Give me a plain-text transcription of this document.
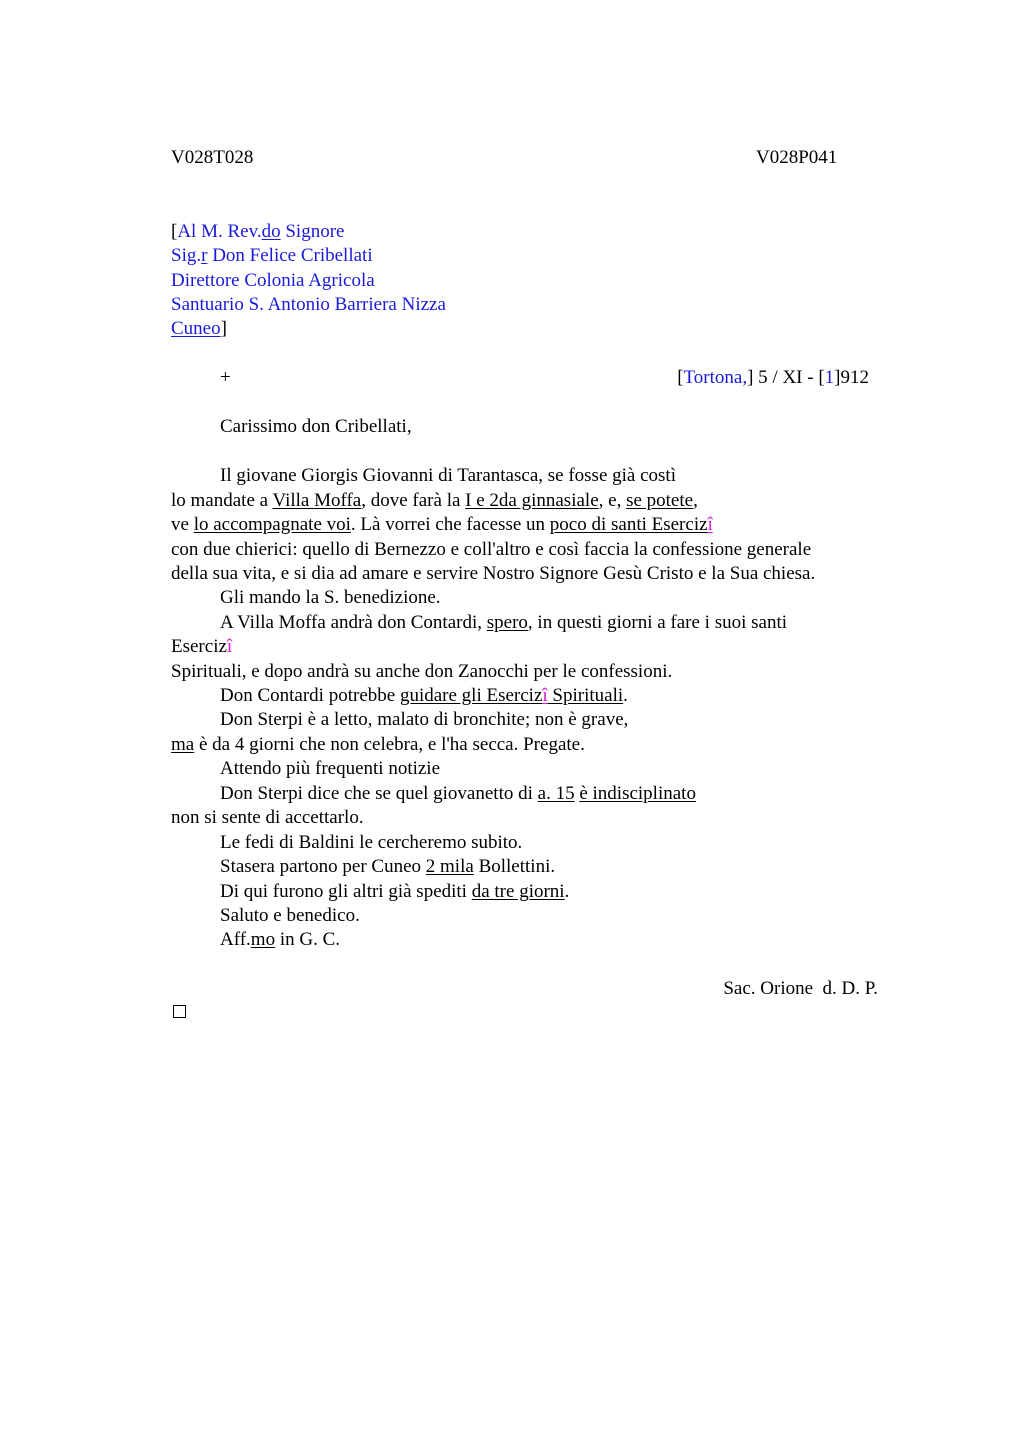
V028T028	V028P041
[Al M. Rev.do Signore
Sig.r Don Felice Cribellati
Direttore Colonia Agricola
Santuario S. Antonio Barriera Nizza
Cuneo]
+	[Tortona,] 5 / XI - [1]912
Carissimo don Cribellati,
Il giovane Giorgis Giovanni di Tarantasca, se fosse già costì
lo mandate a Villa Moffa, dove farà la I e 2da ginnasiale, e, se potete,
ve lo accompagnate voi. Là vorrei che facesse un poco di santi Esercizî
con due chierici: quello di Bernezzo e coll'altro e così faccia la confessione generale
della sua vita, e si dia ad amare e servire Nostro Signore Gesù Cristo e la Sua chiesa.
Gli mando la S. benedizione.
A Villa Moffa andrà don Contardi, spero, in questi giorni a fare i suoi santi
Esercizî
Spirituali, e dopo andrà su anche don Zanocchi per le confessioni.
Don Contardi potrebbe guidare gli Esercizî Spirituali.
Don Sterpi è a letto, malato di bronchite; non è grave,
ma è da 4 giorni che non celebra, e l'ha secca. Pregate.
Attendo più frequenti notizie
Don Sterpi dice che se quel giovanetto di a. 15 è indisciplinato
non si sente di accettarlo.
Le fedi di Baldini le cercheremo subito.
Stasera partono per Cuneo 2 mila Bollettini.
Di qui furono gli altri già spediti da tre giorni.
Saluto e benedico.
Aff.mo in G. C.
Sac. Orione  d. D. P.
